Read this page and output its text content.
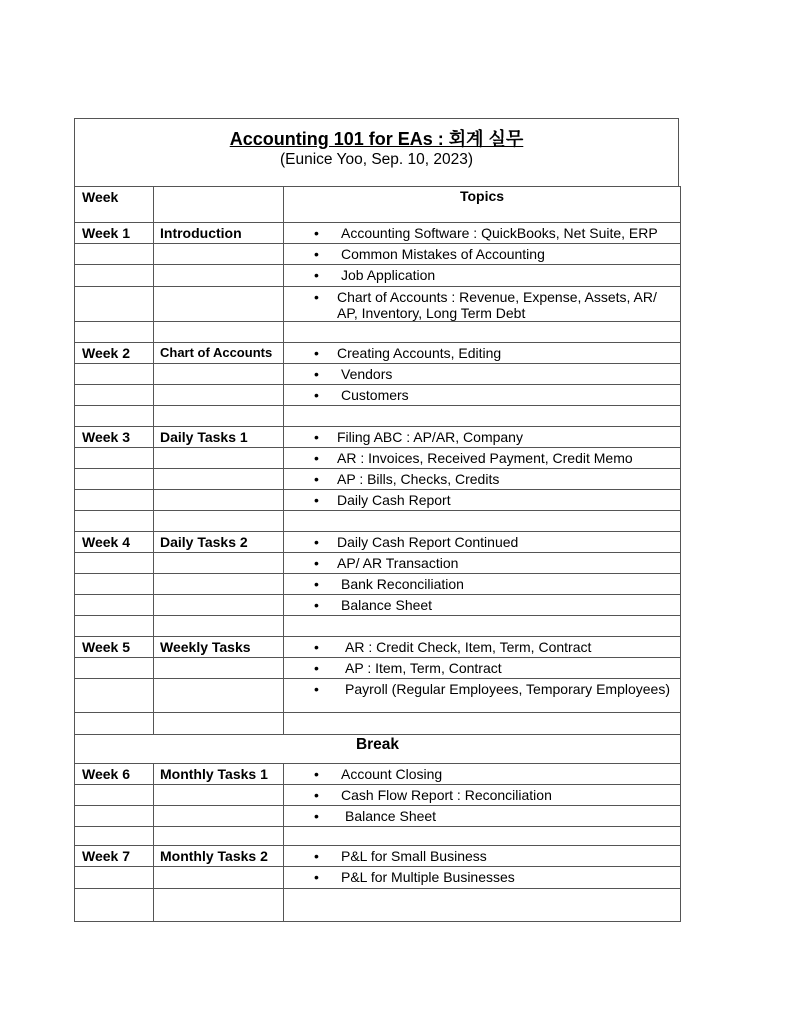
Accounting 101 for EAs : 회계 실무
(Eunice Yoo, Sep. 10, 2023)
Week		Topics
Week 1	Introduction	• Accounting Software : QuickBooks, Net Suite, ERP

		• Common Mistakes of Accounting

		• Job Application

		• Chart of Accounts : Revenue, Expense, Assets, AR/ AP, Inventory, Long Term Debt

Week 2	Chart of Accounts	• Creating Accounts, Editing

		• Vendors

		• Customers

Week 3	Daily Tasks 1	• Filing ABC : AP/AR, Company

		• AR : Invoices, Received Payment, Credit Memo

		• AP : Bills, Checks, Credits

		• Daily Cash Report

Week 4	Daily Tasks 2	• Daily Cash Report Continued

		• AP/ AR Transaction

		• Bank Reconciliation

		• Balance Sheet

Week 5	Weekly Tasks	• AR : Credit Check, Item, Term, Contract

		• AP : Item, Term, Contract

		• Payroll (Regular Employees, Temporary Employees)

Break		
Week 6	Monthly Tasks 1	• Account Closing

		• Cash Flow Report : Reconciliation

		• Balance Sheet

Week 7	Monthly Tasks 2	• P&L for Small Business

		• P&L for Multiple Businesses
